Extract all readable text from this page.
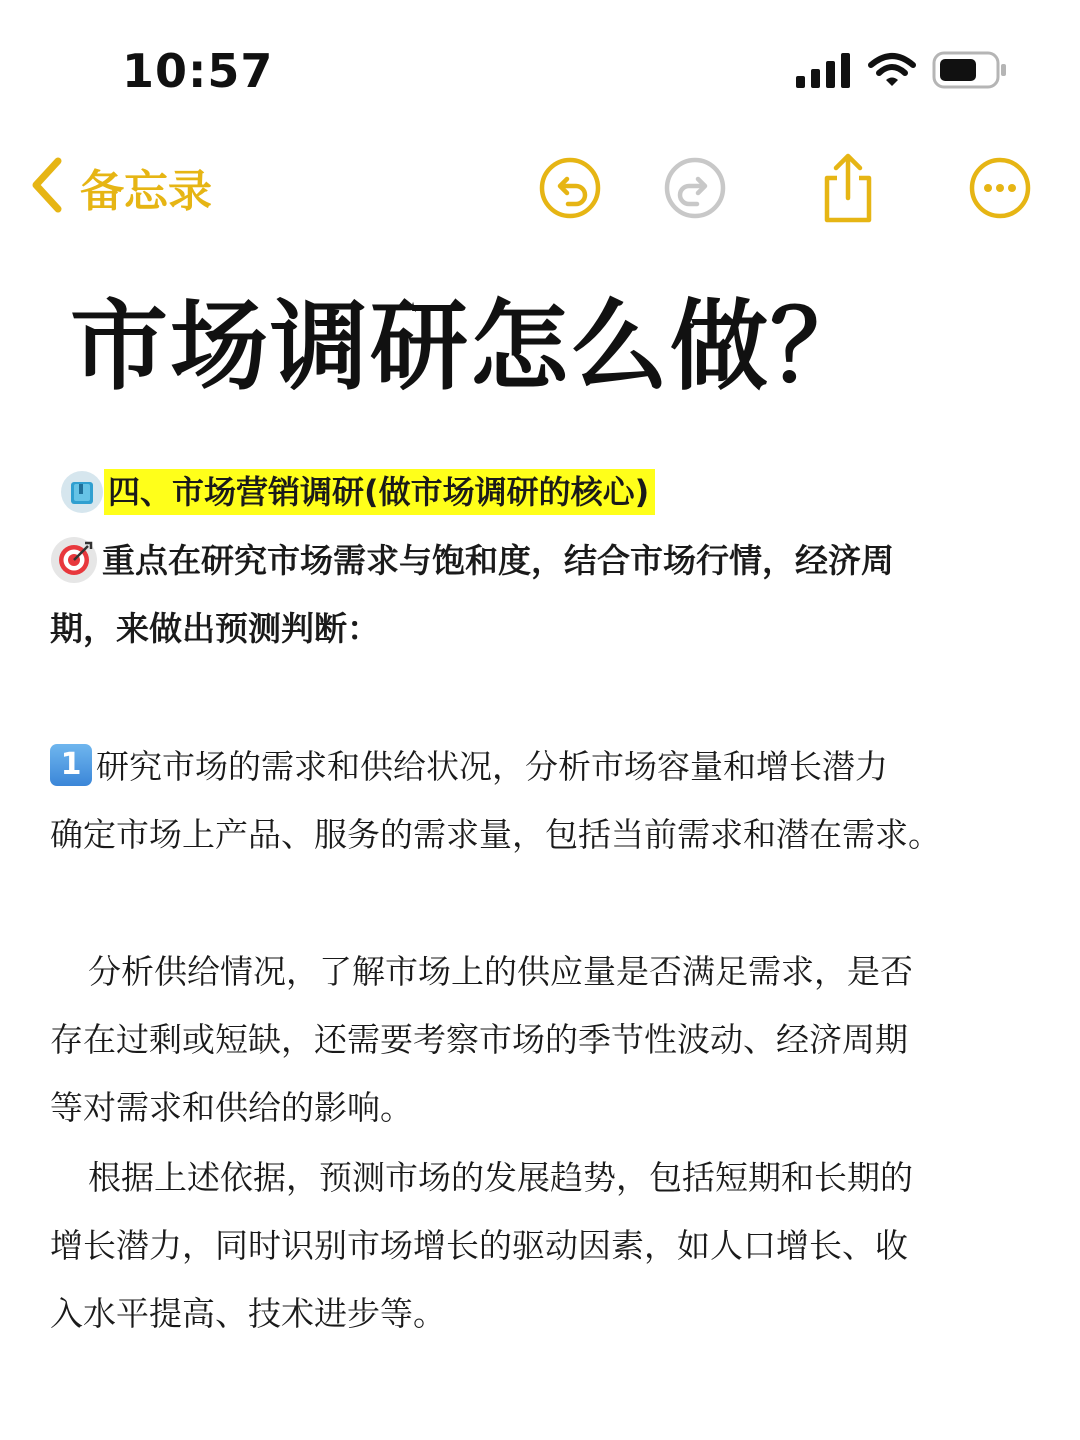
10:57
备忘录
市场调研怎么做？
四、市场营销调研(做市场调研的核心)
重点在研究市场需求与饱和度，结合市场行情，经济周
期，来做出预测判断：
1 研究市场的需求和供给状况，分析市场容量和增长潜力
确定市场上产品、服务的需求量，包括当前需求和潜在需求。
分析供给情况，了解市场上的供应量是否满足需求，是否
存在过剩或短缺，还需要考察市场的季节性波动、经济周期
等对需求和供给的影响。
根据上述依据，预测市场的发展趋势，包括短期和长期的
增长潜力，同时识别市场增长的驱动因素，如人口增长、收
入水平提高、技术进步等。
